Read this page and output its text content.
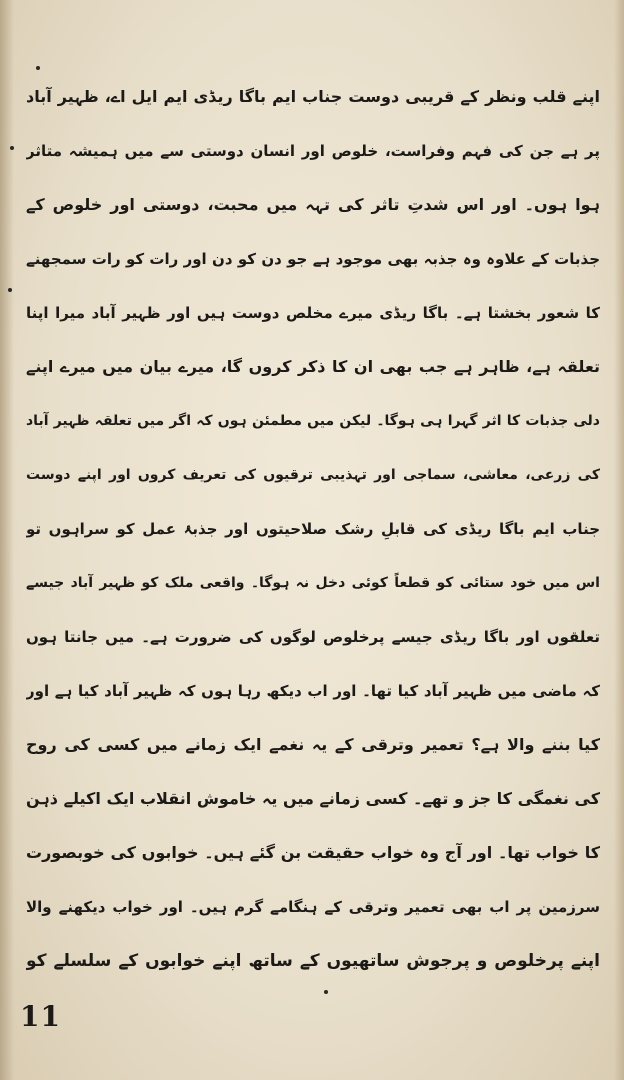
اپنے قلب ونظر کے قریبی دوست جناب ایم باگا ریڈی ایم ایل اے، ظہیر آباد
پر ہے جن کی فہم وفراست، خلوص اور انسان دوستی سے میں ہمیشہ متاثر
ہوا ہوں۔ اور اس شدتِ تاثر کی تہہ میں محبت، دوستی اور خلوص کے
جذبات کے علاوہ وہ جذبہ بھی موجود ہے جو دن کو دن اور رات کو رات سمجھنے
کا شعور بخشتا ہے۔ باگا ریڈی میرے مخلص دوست ہیں اور ظہیر آباد میرا اپنا
تعلقہ ہے، ظاہر ہے جب بھی ان کا ذکر کروں گا، میرے بیان میں میرے اپنے
دلی جذبات کا اثر گہرا ہی ہوگا۔ لیکن میں مطمئن ہوں کہ اگر میں تعلقہ ظہیر آباد
کی زرعی، معاشی، سماجی اور تہذیبی ترقیوں کی تعریف کروں اور اپنے دوست
جناب ایم باگا ریڈی کی قابلِ رشک صلاحیتوں اور جذبۂ عمل کو سراہوں تو
اس میں خود ستائی کو قطعاً کوئی دخل نہ ہوگا۔ واقعی ملک کو ظہیر آباد جیسے
تعلقوں اور باگا ریڈی جیسے پرخلوص لوگوں کی ضرورت ہے۔ میں جانتا ہوں
کہ ماضی میں ظہیر آباد کیا تھا۔ اور اب دیکھ رہا ہوں کہ ظہیر آباد کیا ہے اور
کیا بننے والا ہے؟ تعمیر وترقی کے یہ نغمے ایک زمانے میں کسی کی روح
کی نغمگی کا جز و تھے۔ کسی زمانے میں یہ خاموش انقلاب ایک اکیلے ذہن
کا خواب تھا۔ اور آج وہ خواب حقیقت بن گئے ہیں۔ خوابوں کی خوبصورت
سرزمین پر اب بھی تعمیر وترقی کے ہنگامے گرم ہیں۔ اور خواب دیکھنے والا
اپنے پرخلوص و پرجوش ساتھیوں کے ساتھ اپنے خوابوں کے سلسلے کو
11
